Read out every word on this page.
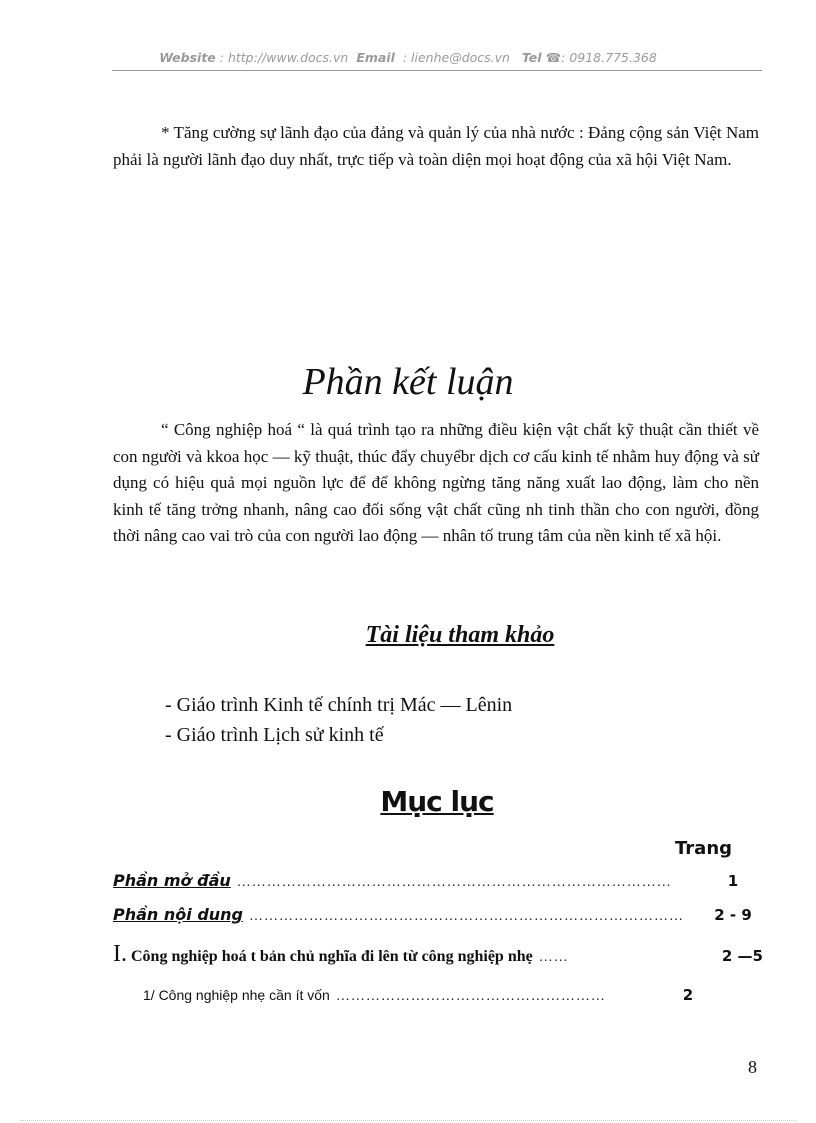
Website : http://www.docs.vn Email : lienhe@docs.vn Tel ☎: 0918.775.368
* Tăng cường sự lãnh đạo của đảng và quản lý của nhà nước : Đảng cộng sản Việt Nam phải là người lãnh đạo duy nhất, trực tiếp và toàn diện mọi hoạt động của xã hội Việt Nam.
Phần kết luận
“ Công nghiệp hoá “ là quá trình tạo ra những điều kiện vật chất kỹ thuật cần thiết về con người và kkoa học — kỹ thuật, thúc đẩy chuyểbr dịch cơ cấu kinh tế nhằm huy động và sử dụng có hiệu quả mọi nguồn lực để để không ngừng tăng năng xuất lao động, làm cho nền kinh tế tăng trởng nhanh, nâng cao đối sống vật chất cũng nh tinh thần cho con người, đồng thời nâng cao vai trò của con người lao động — nhân tố trung tâm của nền kinh tế xã hội.
Tài liệu tham khảo
- Giáo trình Kinh tế chính trị Mác — Lênin
- Giáo trình Lịch sử kinh tế
Mục lục
Trang
Phần mở đầu ……………………………………………………………………………	1
Phần nội dung ……………………………………………………………………………	2 - 9
I. Công nghiệp hoá t bản chủ nghĩa đi lên từ công nghiệp nhẹ ……	2 —5
1/ Công nghiệp nhẹ cần ít vốn ………………………………………………	2
8
